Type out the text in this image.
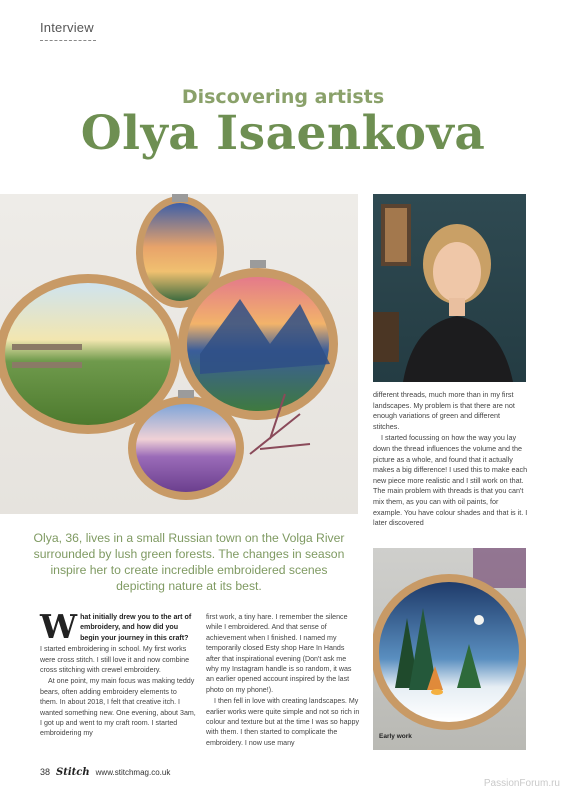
Interview
Discovering artists
Olya Isaenkova

different threads, much more than in my first landscapes. My problem is that there are not enough variations of green and different stitches.

I started focussing on how the way you lay down the thread influences the volume and the picture as a whole, and found that it actually makes a big difference! I used this to make each new piece more realistic and I still work on that. The main problem with threads is that you can't mix them, as you can with oil paints, for example. You have colour shades and that is it. I later discovered

Olya, 36, lives in a small Russian town on the Volga River surrounded by lush green forests. The changes in season inspire her to create incredible embroidered scenes depicting nature at its best.

What initially drew you to the art of embroidery, and how did you begin your journey in this craft?

I started embroidering in school. My first works were cross stitch. I still love it and now combine cross stitching with crewel embroidery.

At one point, my main focus was making teddy bears, often adding embroidery elements to them. In about 2018, I felt that creative itch. I wanted something new. One evening, about 3am, I got up and went to my craft room. I started embroidering my

first work, a tiny hare. I remember the silence while I embroidered. And that sense of achievement when I finished. I named my temporarily closed Esty shop Hare In Hands after that inspirational evening (Don't ask me why my Instagram handle is so random, it was an earlier opened account inspired by the last photo on my phone!).

I then fell in love with creating landscapes. My earlier works were quite simple and not so rich in colour and texture but at the time I was so happy with them. I then started to complicate the embroidery. I now use many

Early work
38 Stitch www.stitchmag.co.uk
PassionForum.ru
